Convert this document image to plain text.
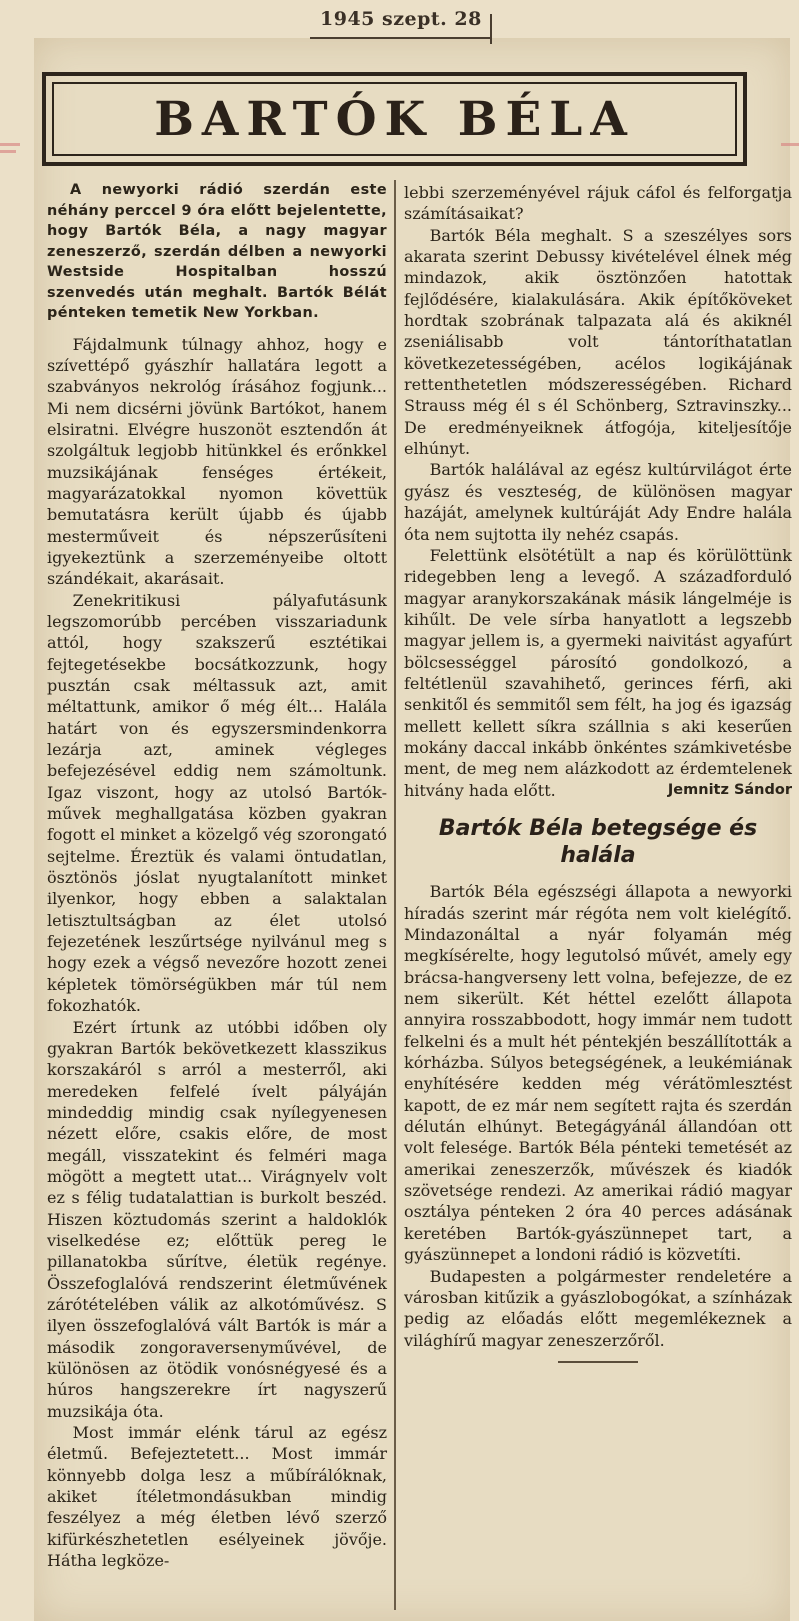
1945 szept. 28
BARTÓK BÉLA

A newyorki rádió szerdán este néhány perccel 9 óra előtt bejelentette, hogy Bartók Béla, a nagy magyar zeneszerző, szerdán délben a newyorki Westside Hospitalban hosszú szenvedés után meghalt. Bartók Bélát pénteken temetik New Yorkban.

Fájdalmunk túlnagy ahhoz, hogy e szívettépő gyászhír hallatára legott a szabványos nekrológ írásához fogjunk... Mi nem dicsérni jövünk Bartókot, hanem elsiratni. Elvégre huszonöt esztendőn át szolgáltuk legjobb hitünkkel és erőnkkel muzsikájának fenséges értékeit, magyarázatokkal nyomon követtük bemutatásra került újabb és újabb mesterműveit és népszerűsíteni igyekeztünk a szerzeményeibe oltott szándékait, akarásait.

Zenekritikusi pályafutásunk legszomorúbb percében visszariadunk attól, hogy szakszerű esztétikai fejtegetésekbe bocsátkozzunk, hogy pusztán csak méltassuk azt, amit méltattunk, amikor ő még élt... Halála határt von és egyszersmindenkorra lezárja azt, aminek végleges befejezésével eddig nem számoltunk. Igaz viszont, hogy az utolsó Bartók-művek meghallgatása közben gyakran fogott el minket a közelgő vég szorongató sejtelme. Éreztük és valami öntudatlan, ösztönös jóslat nyugtalanított minket ilyenkor, hogy ebben a salaktalan letisztultságban az élet utolsó fejezetének leszűrtsége nyilvánul meg s hogy ezek a végső nevezőre hozott zenei képletek tömörségükben már túl nem fokozhatók.

Ezért írtunk az utóbbi időben oly gyakran Bartók bekövetkezett klasszikus korszakáról s arról a mesterről, aki meredeken felfelé ívelt pályáján mindeddig mindig csak nyílegyenesen nézett előre, csakis előre, de most megáll, visszatekint és felméri maga mögött a megtett utat... Virágnyelv volt ez s félig tudatalattian is burkolt beszéd. Hiszen köztudomás szerint a haldoklók viselkedése ez; előttük pereg le pillanatokba sűrítve, életük regénye. Összefoglalóvá rendszerint életművének zárótételében válik az alkotóművész. S ilyen összefoglalóvá vált Bartók is már a második zongoraversenyművével, de különösen az ötödik vonósnégyesé és a húros hangszerekre írt nagyszerű muzsikája óta.

Most immár elénk tárul az egész életmű. Befejeztetett... Most immár könnyebb dolga lesz a műbírálóknak, akiket ítéletmondásukban mindig feszélyez a még életben lévő szerző kifürkészhetetlen esélyeinek jövője. Hátha legköze-

lebbi szerzeményével rájuk cáfol és felforgatja számításaikat?

Bartók Béla meghalt. S a szeszélyes sors akarata szerint Debussy kivételével élnek még mindazok, akik ösztönzően hatottak fejlődésére, kialakulására. Akik építőköveket hordtak szobrának talpazata alá és akiknél zseniálisabb volt tántoríthatatlan következetességében, acélos logikájának rettenthetetlen módszerességében. Richard Strauss még él s él Schönberg, Sztravinszky... De eredményeiknek átfogója, kiteljesítője elhúnyt.

Bartók halálával az egész kultúrvilágot érte gyász és veszteség, de különösen magyar hazáját, amelynek kultúráját Ady Endre halála óta nem sujtotta ily nehéz csapás.

Felettünk elsötétült a nap és körülöttünk ridegebben leng a levegő. A századforduló magyar aranykorszakának másik lángelméje is kihűlt. De vele sírba hanyatlott a legszebb magyar jellem is, a gyermeki naivitást agyafúrt bölcsességgel párosító gondolkozó, a feltétlenül szavahihető, gerinces férfi, aki senkitől és semmitől sem félt, ha jog és igazság mellett kellett síkra szállnia s aki keserűen mokány daccal inkább önkéntes számkivetésbe ment, de meg nem alázkodott az érdemtelenek hitvány hada előtt.	Jemnitz Sándor
Bartók Béla betegsége és halála

Bartók Béla egészségi állapota a newyorki híradás szerint már régóta nem volt kielégítő. Mindazonáltal a nyár folyamán még megkísérelte, hogy legutolsó művét, amely egy brácsa-hangverseny lett volna, befejezze, de ez nem sikerült. Két héttel ezelőtt állapota annyira rosszabbodott, hogy immár nem tudott felkelni és a mult hét péntekjén beszállították a kórházba. Súlyos betegségének, a leukémiának enyhítésére kedden még vérátömlesztést kapott, de ez már nem segített rajta és szerdán délután elhúnyt. Betegágyánál állandóan ott volt felesége. Bartók Béla pénteki temetését az amerikai zeneszerzők, művészek és kiadók szövetsége rendezi. Az amerikai rádió magyar osztálya pénteken 2 óra 40 perces adásának keretében Bartók-gyászünnepet tart, a gyászünnepet a londoni rádió is közvetíti.

Budapesten a polgármester rendeletére a városban kitűzik a gyászlobogókat, a színházak pedig az előadás előtt megemlékeznek a világhírű magyar zeneszerzőről.
